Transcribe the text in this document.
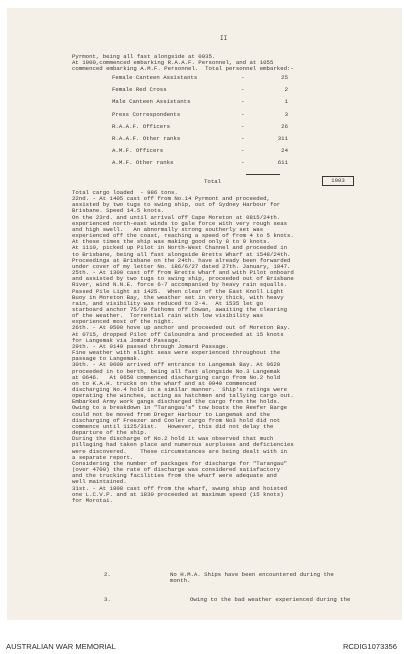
II
Pyrmont, being all fast alongside at 0935.
At 1000,commenced embarking R.A.A.F. Personnel, and at 1055
commenced embarking A.M.F. Personnel.  Total personnel embarked:-
Female Canteen Assistants	-	25
Female Red Cross	-	2
Male Canteen Assistants	-	1
Press Correspondents	-	3
R.A.A.F. Officers	-	26
R.A.A.F. Other ranks	-	311
A.M.F. Officers	-	24
A.M.F. Other ranks	-	611
Total	1003
Total cargo loaded  - 986 tons.
22nd. - At 1405 cast off from No.14 Pyrmont and proceeded,
assisted by two tugs to swing ship, out of Sydney Harbour for
Brisbane. Speed 14.5 knots.
On the 23rd. and until arrival off Cape Moreton at 0815/24th.
experienced north-east winds to gale force with very rough seas
and high swell.   An abnormally strong southerly set was
experienced off the coast, reaching a speed of from 4 to 5 knots.
At these times the ship was making good only 8 to 9 knots.
At 1110, picked up Pilot in North-West Channel and proceeded in
to Brisbane, being all fast alongside Bretts Wharf at 1548/24th.
Proceedings at Brisbane on the 24th. have already been forwarded
under cover of my letter No. 186/6/27 dated 27th. January, 1947.
25th. - At 1300 cast off from Bretts Wharf and with Pilot onboard
and assisted by two tugs to swing ship, proceeded out of Brisbane
River, wind N.N.E. force 6-7 accompanied by heavy rain squalls.
Passed Pile Light at 1425.  When clear of the East Knoll Light
Buoy in Moreton Bay, the weather set in very thick, with heavy
rain, and visibility was reduced to 2-4.  At 1535 let go
starboard anchor 75/19 fathoms off Cowan, awaiting the clearing
of the weather.  Torrential rain with low visibility was
experienced most of the night.
26th. - At 0500 hove up anchor and proceeded out of Moreton Bay.
At 0715, dropped Pilot off Caloundra and proceeded at 15 knots
for Langemak via Jomard Passage.
29th. - At 0149 passed through Jomard Passage.
Fine weather with slight seas were experienced throughout the
passage to Langemak.
30th. - At 0600 arrived off entrance to Langemak Bay. At 0620
proceeded in to berth, being all fast alongside No.3 Langemak
at 0646.   At 0650 commenced discharging cargo from No.2 hold
on to K.A.H. trucks on the wharf and at 0940 commenced
discharging No.4 hold in a similar manner.  Ship's ratings were
operating the winches, acting as hatchmen and tallying cargo out.
Embarked Army work gangs discharged the cargo from the holds.
Owing to a breakdown in "Tarangau's" tow boats the Reefer Barge
could not be moved from Dreger Harbour to Langemak and the
discharging of Freezer and Cooler cargo from No3 hold did not
commence until 1125/31st.   However, this did not delay the
departure of the ship.
During the discharge of No.2 hold it was observed that much
pillaging had taken place and numerous surpluses and deficiencies
were discovered.    These circumstances are being dealt with in
a separate report.
Considering the number of packages for discharge for "Tarangau"
(over 4700) the rate of discharge was considered satisfactory
and the trucking facilities from the wharf were adequate and
well maintained.
31st. - At 1808 cast off from the wharf, swung ship and hoisted
one L.C.V.P. and at 1830 proceeded at maximum speed (15 knots)
for Morotai.
2.	No H.M.A. Ships have been encountered during the
month.
3.	Owing to the bad weather experienced during the
AUSTRALIAN WAR MEMORIAL	RCDIG1073356
